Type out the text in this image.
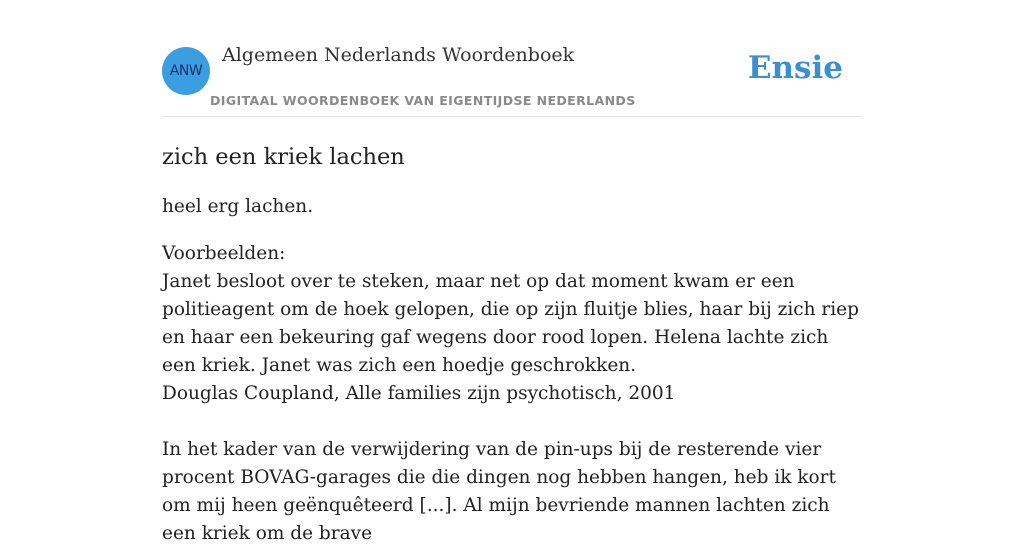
ANW
Algemeen Nederlands Woordenboek
DIGITAAL WOORDENBOEK VAN EIGENTIJDSE NEDERLANDS
Ensie
zich een kriek lachen

heel erg lachen.

Voorbeelden:

Janet besloot over te steken, maar net op dat moment kwam er een politieagent om de hoek gelopen, die op zijn fluitje blies, haar bij zich riep en haar een bekeuring gaf wegens door rood lopen. Helena lachte zich een kriek. Janet was zich een hoedje geschrokken.

Douglas Coupland, Alle families zijn psychotisch, 2001

In het kader van de verwijdering van de pin-ups bij de resterende vier procent BOVAG-garages die die dingen nog hebben hangen, heb ik kort om mij heen geënquêteerd [...]. Al mijn bevriende mannen lachten zich een kriek om de brave
